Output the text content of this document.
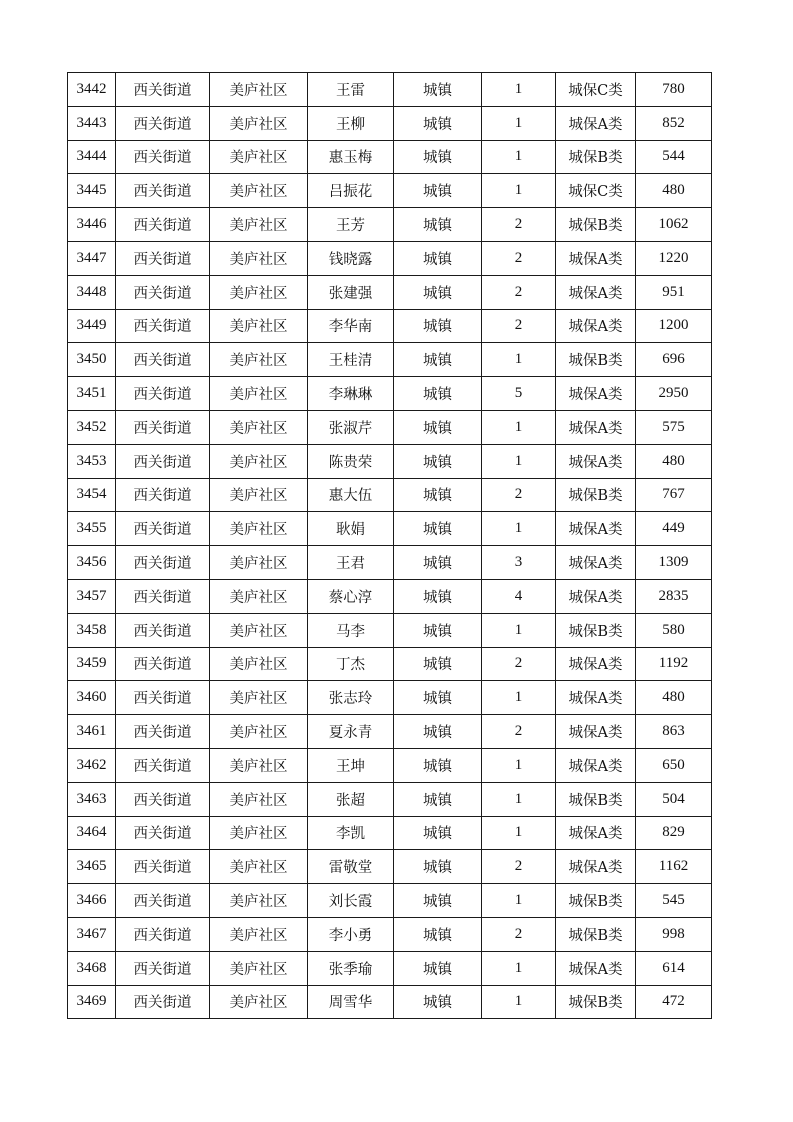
3442	西关街道	美庐社区	王雷	城镇	1	城保C类	780
3443	西关街道	美庐社区	王柳	城镇	1	城保A类	852
3444	西关街道	美庐社区	惠玉梅	城镇	1	城保B类	544
3445	西关街道	美庐社区	吕振花	城镇	1	城保C类	480
3446	西关街道	美庐社区	王芳	城镇	2	城保B类	1062
3447	西关街道	美庐社区	钱晓露	城镇	2	城保A类	1220
3448	西关街道	美庐社区	张建强	城镇	2	城保A类	951
3449	西关街道	美庐社区	李华南	城镇	2	城保A类	1200
3450	西关街道	美庐社区	王桂清	城镇	1	城保B类	696
3451	西关街道	美庐社区	李琳琳	城镇	5	城保A类	2950
3452	西关街道	美庐社区	张淑芹	城镇	1	城保A类	575
3453	西关街道	美庐社区	陈贵荣	城镇	1	城保A类	480
3454	西关街道	美庐社区	惠大伍	城镇	2	城保B类	767
3455	西关街道	美庐社区	耿娟	城镇	1	城保A类	449
3456	西关街道	美庐社区	王君	城镇	3	城保A类	1309
3457	西关街道	美庐社区	蔡心淳	城镇	4	城保A类	2835
3458	西关街道	美庐社区	马李	城镇	1	城保B类	580
3459	西关街道	美庐社区	丁杰	城镇	2	城保A类	1192
3460	西关街道	美庐社区	张志玲	城镇	1	城保A类	480
3461	西关街道	美庐社区	夏永青	城镇	2	城保A类	863
3462	西关街道	美庐社区	王坤	城镇	1	城保A类	650
3463	西关街道	美庐社区	张超	城镇	1	城保B类	504
3464	西关街道	美庐社区	李凯	城镇	1	城保A类	829
3465	西关街道	美庐社区	雷敬堂	城镇	2	城保A类	1162
3466	西关街道	美庐社区	刘长霞	城镇	1	城保B类	545
3467	西关街道	美庐社区	李小勇	城镇	2	城保B类	998
3468	西关街道	美庐社区	张季瑜	城镇	1	城保A类	614
3469	西关街道	美庐社区	周雪华	城镇	1	城保B类	472
